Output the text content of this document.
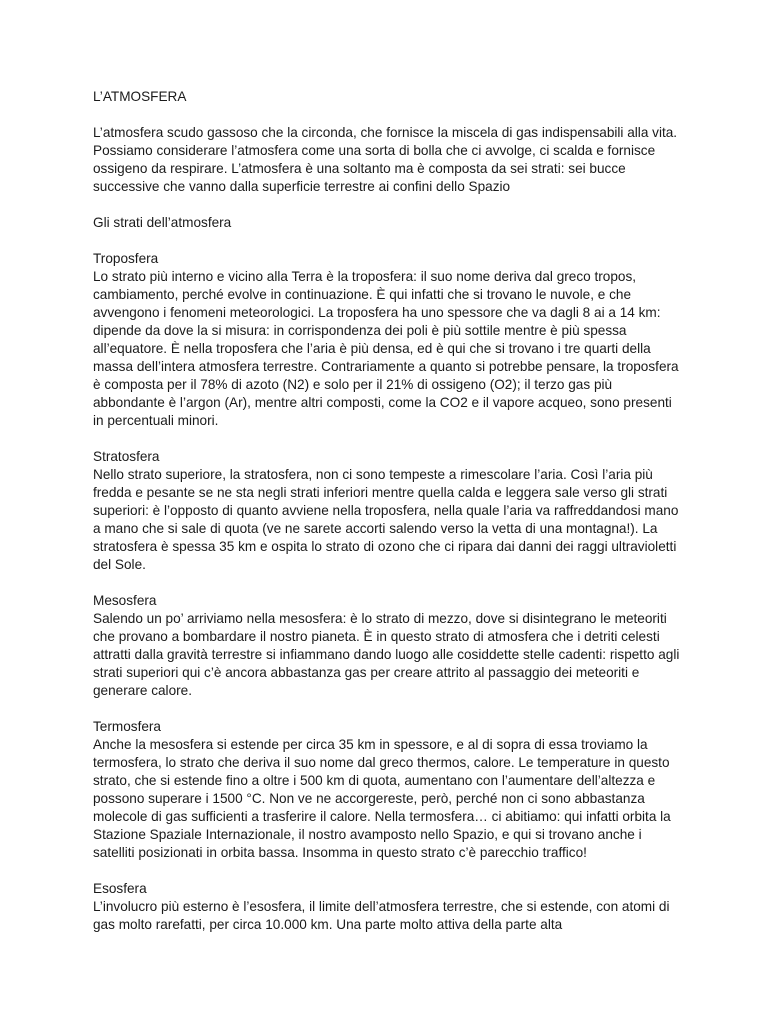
L’ATMOSFERA

L’atmosfera scudo gassoso che la circonda, che fornisce la miscela di gas indispensabili alla vita. Possiamo considerare l’atmosfera come una sorta di bolla che ci avvolge, ci scalda e fornisce ossigeno da respirare. L’atmosfera è una soltanto ma è composta da sei strati: sei bucce successive che vanno dalla superficie terrestre ai confini dello Spazio

Gli strati dell’atmosfera

Troposfera
Lo strato più interno e vicino alla Terra è la troposfera: il suo nome deriva dal greco tropos, cambiamento, perché evolve in continuazione. È qui infatti che si trovano le nuvole, e che avvengono i fenomeni meteorologici. La troposfera ha uno spessore che va dagli 8 ai a 14 km: dipende da dove la si misura: in corrispondenza dei poli è più sottile mentre è più spessa all’equatore. È nella troposfera che l’aria è più densa, ed è qui che si trovano i tre quarti della massa dell’intera atmosfera terrestre. Contrariamente a quanto si potrebbe pensare, la troposfera è composta per il 78% di azoto (N2) e solo per il 21% di ossigeno (O2); il terzo gas più abbondante è l’argon (Ar), mentre altri composti, come la CO2 e il vapore acqueo, sono presenti in percentuali minori.
Stratosfera
Nello strato superiore, la stratosfera, non ci sono tempeste a rimescolare l’aria. Così l’aria più fredda e pesante se ne sta negli strati inferiori mentre quella calda e leggera sale verso gli strati superiori: è l’opposto di quanto avviene nella troposfera, nella quale l’aria va raffreddandosi mano a mano che si sale di quota (ve ne sarete accorti salendo verso la vetta di una montagna!). La stratosfera è spessa 35 km e ospita lo strato di ozono che ci ripara dai danni dei raggi ultravioletti del Sole.
Mesosfera
Salendo un po’ arriviamo nella mesosfera: è lo strato di mezzo, dove si disintegrano le meteoriti che provano a bombardare il nostro pianeta. È in questo strato di atmosfera che i detriti celesti attratti dalla gravità terrestre si infiammano dando luogo alle cosiddette stelle cadenti: rispetto agli strati superiori qui c’è ancora abbastanza gas per creare attrito al passaggio dei meteoriti e generare calore.
Termosfera
Anche la mesosfera si estende per circa 35 km in spessore, e al di sopra di essa troviamo la termosfera, lo strato che deriva il suo nome dal greco thermos, calore. Le temperature in questo strato, che si estende fino a oltre i 500 km di quota, aumentano con l’aumentare dell’altezza e possono superare i 1500 °C. Non ve ne accorgereste, però, perché non ci sono abbastanza molecole di gas sufficienti a trasferire il calore. Nella termosfera… ci abitiamo: qui infatti orbita la Stazione Spaziale Internazionale, il nostro avamposto nello Spazio, e qui si trovano anche i satelliti posizionati in orbita bassa. Insomma in questo strato c’è parecchio traffico!
Esosfera
L’involucro più esterno è l’esosfera, il limite dell’atmosfera terrestre, che si estende, con atomi di gas molto rarefatti, per circa 10.000 km. Una parte molto attiva della parte alta
